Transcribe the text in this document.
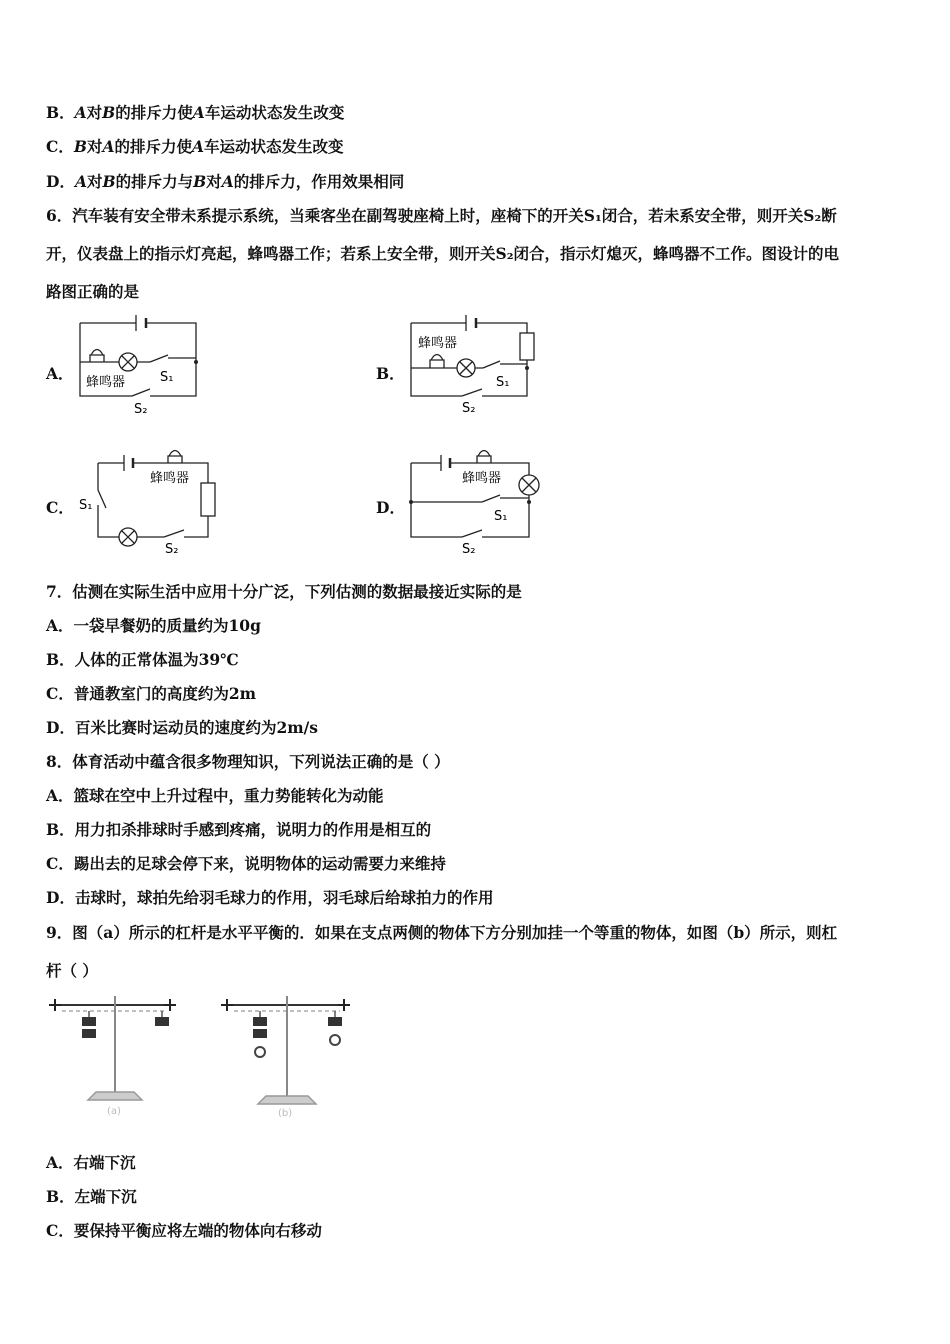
B．A对B的排斥力使A车运动状态发生改变
C．B对A的排斥力使A车运动状态发生改变
D．A对B的排斥力与B对A的排斥力，作用效果相同
6．汽车装有安全带未系提示系统，当乘客坐在副驾驶座椅上时，座椅下的开关S₁闭合，若未系安全带，则开关S₂断
开，仪表盘上的指示灯亮起，蜂鸣器工作；若系上安全带，则开关S₂闭合，指示灯熄灭，蜂鸣器不工作。图设计的电
路图正确的是
A．	B．
C．	D．
蜂鸣器	S₁
S₂
蜂鸣器
S₁
S₂
蜂鸣器
S₁
S₂
蜂鸣器
S₁
S₂
7．估测在实际生活中应用十分广泛，下列估测的数据最接近实际的是
A．一袋早餐奶的质量约为10g
B．人体的正常体温为39℃
C．普通教室门的高度约为2m
D．百米比赛时运动员的速度约为2m/s
8．体育活动中蕴含很多物理知识，下列说法正确的是（ ）
A．篮球在空中上升过程中，重力势能转化为动能
B．用力扣杀排球时手感到疼痛，说明力的作用是相互的
C．踢出去的足球会停下来，说明物体的运动需要力来维持
D．击球时，球拍先给羽毛球力的作用，羽毛球后给球拍力的作用
9．图（a）所示的杠杆是水平平衡的．如果在支点两侧的物体下方分别加挂一个等重的物体，如图（b）所示，则杠
杆（ ）
(a)	(b)
A．右端下沉
B．左端下沉
C．要保持平衡应将左端的物体向右移动
